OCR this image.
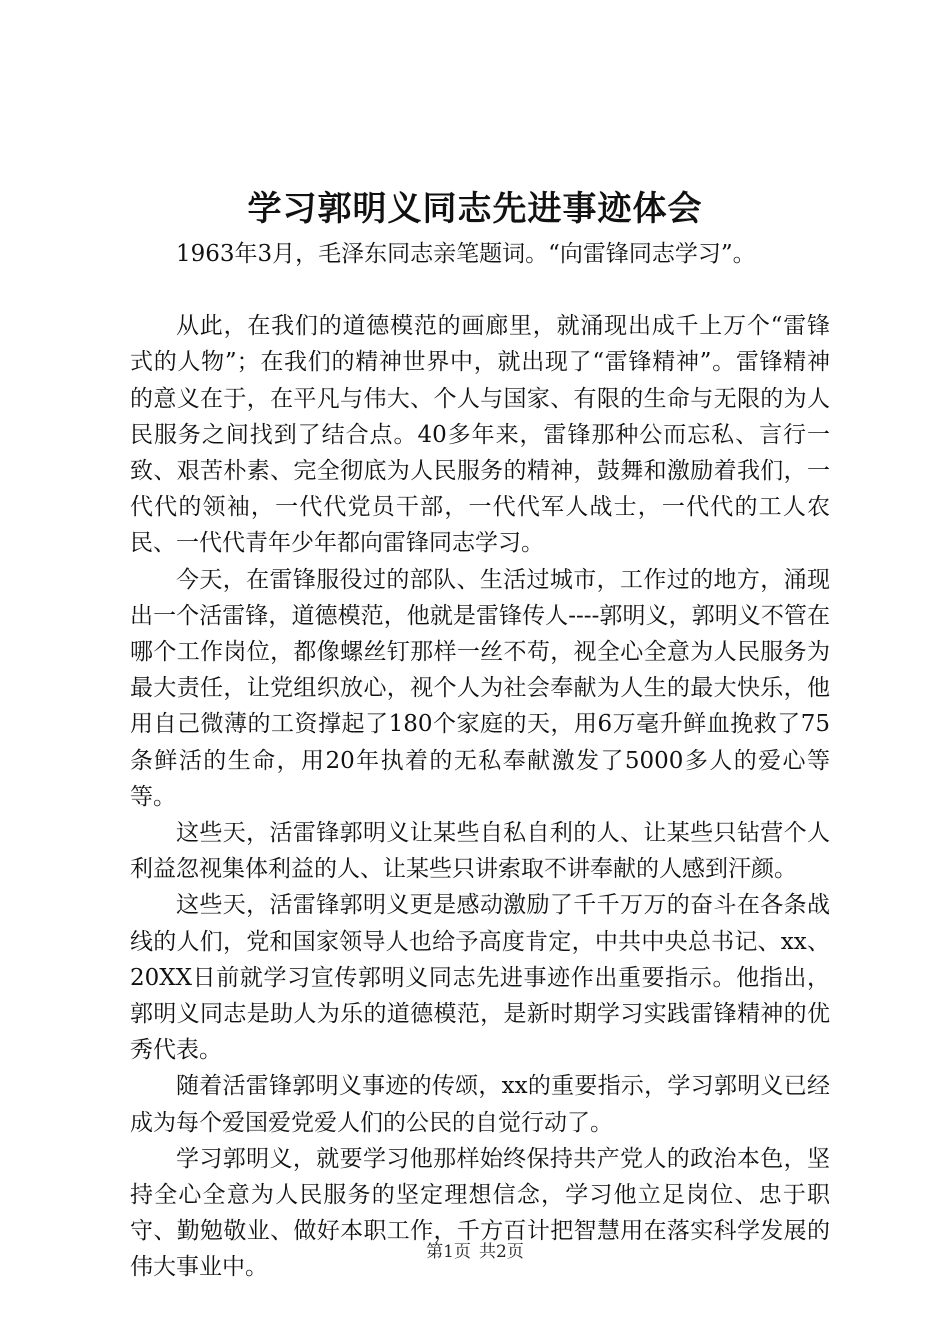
学习郭明义同志先进事迹体会

1963年3月，毛泽东同志亲笔题词。“向雷锋同志学习”。

从此，在我们的道德模范的画廊里，就涌现出成千上万个“雷锋式的人物”；在我们的精神世界中，就出现了“雷锋精神”。雷锋精神的意义在于，在平凡与伟大、个人与国家、有限的生命与无限的为人民服务之间找到了结合点。40多年来，雷锋那种公而忘私、言行一致、艰苦朴素、完全彻底为人民服务的精神，鼓舞和激励着我们，一代代的领袖，一代代党员干部，一代代军人战士，一代代的工人农民、一代代青年少年都向雷锋同志学习。

今天，在雷锋服役过的部队、生活过城市，工作过的地方，涌现出一个活雷锋，道德模范，他就是雷锋传人----郭明义，郭明义不管在哪个工作岗位，都像螺丝钉那样一丝不苟，视全心全意为人民服务为最大责任，让党组织放心，视个人为社会奉献为人生的最大快乐，他用自己微薄的工资撑起了180个家庭的天，用6万毫升鲜血挽救了75条鲜活的生命，用20年执着的无私奉献激发了5000多人的爱心等等。

这些天，活雷锋郭明义让某些自私自利的人、让某些只钻营个人利益忽视集体利益的人、让某些只讲索取不讲奉献的人感到汗颜。

这些天，活雷锋郭明义更是感动激励了千千万万的奋斗在各条战线的人们，党和国家领导人也给予高度肯定，中共中央总书记、xx、20XX日前就学习宣传郭明义同志先进事迹作出重要指示。他指出，郭明义同志是助人为乐的道德模范，是新时期学习实践雷锋精神的优秀代表。

随着活雷锋郭明义事迹的传颂，xx的重要指示，学习郭明义已经成为每个爱国爱党爱人们的公民的自觉行动了。

学习郭明义，就要学习他那样始终保持共产党人的政治本色，坚持全心全意为人民服务的坚定理想信念，学习他立足岗位、忠于职守、勤勉敬业、做好本职工作，千方百计把智慧用在落实科学发展的伟大事业中。

第1页 共2页
